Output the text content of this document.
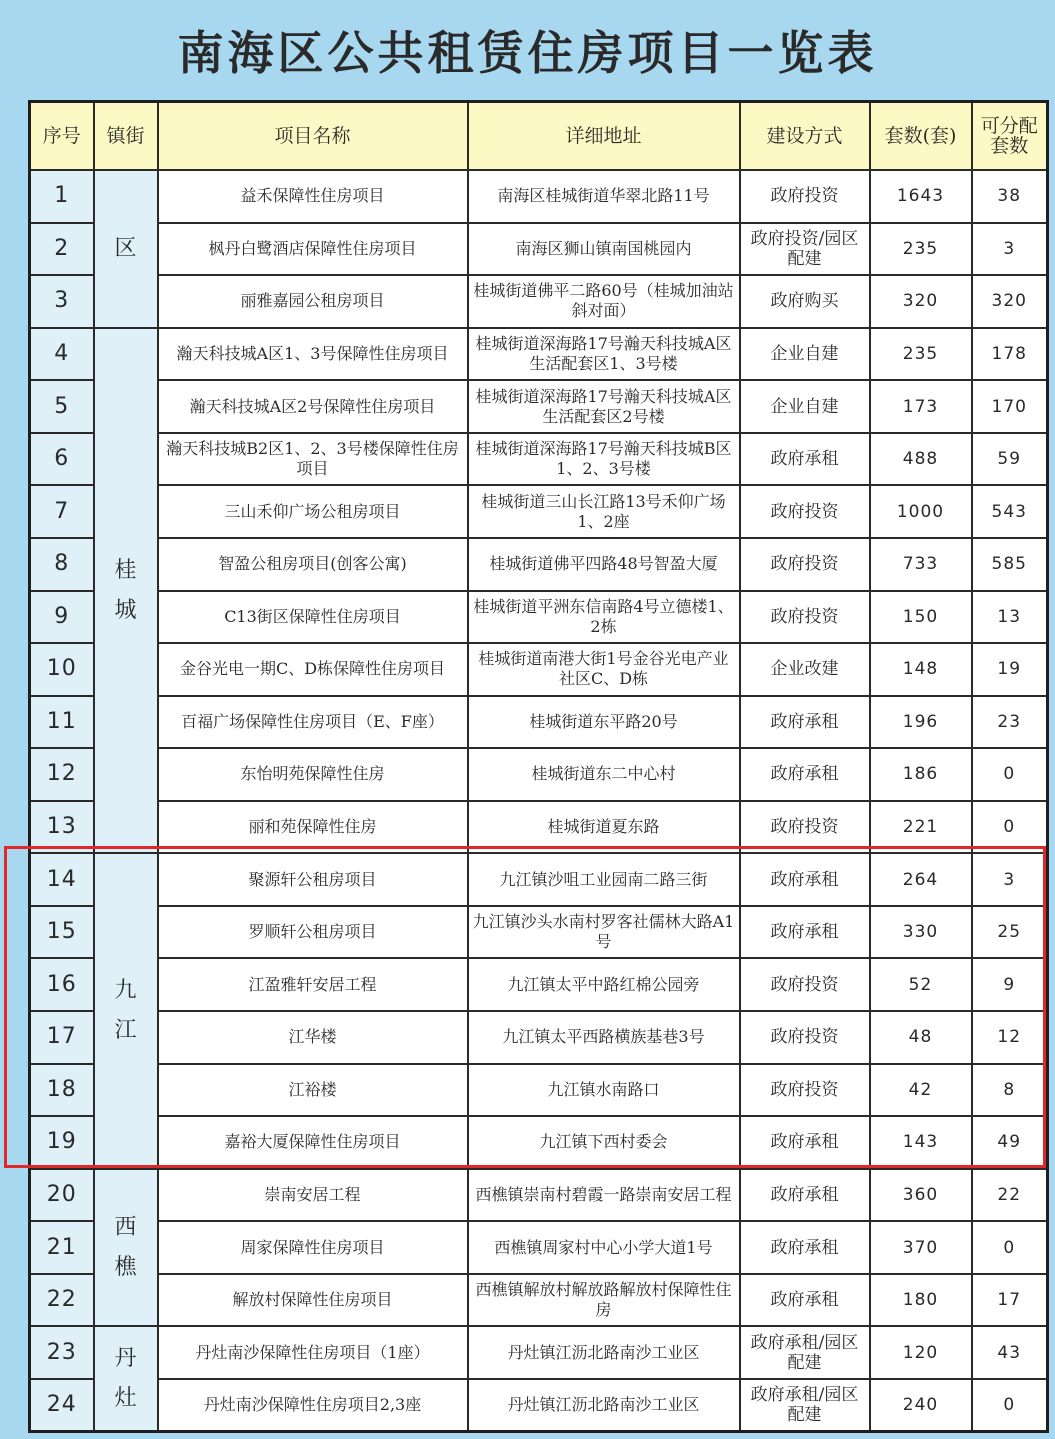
南海区公共租赁住房项目一览表
序号	镇街	项目名称	详细地址	建设方式	套数(套)	可分配套数
1	区	益禾保障性住房项目	南海区桂城街道华翠北路11号	政府投资	1643	38
2		枫丹白鹭酒店保障性住房项目	南海区狮山镇南国桃园内	政府投资/园区配建	235	3
3		丽雅嘉园公租房项目	桂城街道佛平二路60号（桂城加油站斜对面）	政府购买	320	320
4	桂城	瀚天科技城A区1、3号保障性住房项目	桂城街道深海路17号瀚天科技城A区生活配套区1、3号楼	企业自建	235	178
5		瀚天科技城A区2号保障性住房项目	桂城街道深海路17号瀚天科技城A区生活配套区2号楼	企业自建	173	170
6		瀚天科技城B2区1、2、3号楼保障性住房项目	桂城街道深海路17号瀚天科技城B区1、2、3号楼	政府承租	488	59
7		三山禾仰广场公租房项目	桂城街道三山长江路13号禾仰广场1、2座	政府投资	1000	543
8		智盈公租房项目(创客公寓)	桂城街道佛平四路48号智盈大厦	政府投资	733	585
9		C13街区保障性住房项目	桂城街道平洲东信南路4号立德楼1、2栋	政府投资	150	13
10		金谷光电一期C、D栋保障性住房项目	桂城街道南港大街1号金谷光电产业社区C、D栋	企业改建	148	19
11		百福广场保障性住房项目（E、F座）	桂城街道东平路20号	政府承租	196	23
12		东怡明苑保障性住房	桂城街道东二中心村	政府承租	186	0
13		丽和苑保障性住房	桂城街道夏东路	政府投资	221	0
14	九江	聚源轩公租房项目	九江镇沙咀工业园南二路三街	政府承租	264	3
15		罗顺轩公租房项目	九江镇沙头水南村罗客社儒林大路A1号	政府承租	330	25
16		江盈雅轩安居工程	九江镇太平中路红棉公园旁	政府投资	52	9
17		江华楼	九江镇太平西路横族基巷3号	政府投资	48	12
18		江裕楼	九江镇水南路口	政府投资	42	8
19		嘉裕大厦保障性住房项目	九江镇下西村委会	政府承租	143	49
20	西樵	崇南安居工程	西樵镇崇南村碧霞一路崇南安居工程	政府承租	360	22
21		周家保障性住房项目	西樵镇周家村中心小学大道1号	政府承租	370	0
22		解放村保障性住房项目	西樵镇解放村解放路解放村保障性住房	政府承租	180	17
23	丹灶	丹灶南沙保障性住房项目（1座）	丹灶镇江沥北路南沙工业区	政府承租/园区配建	120	43
24		丹灶南沙保障性住房项目2,3座	丹灶镇江沥北路南沙工业区	政府承租/园区配建	240	0
